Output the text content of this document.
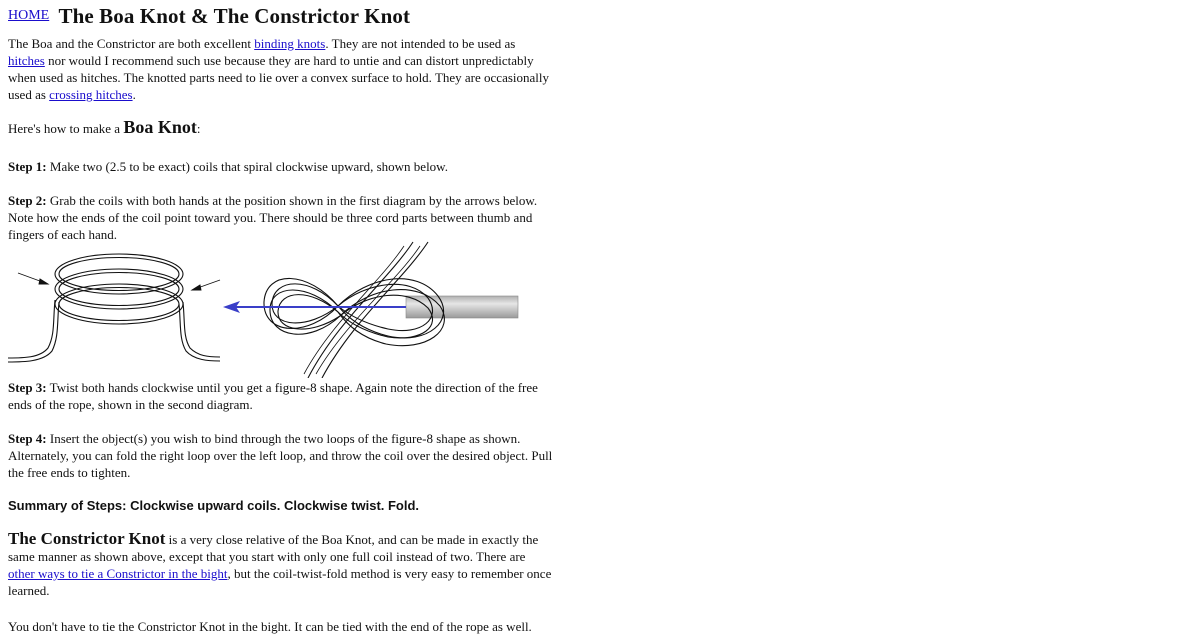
HOME The Boa Knot & The Constrictor Knot

The Boa and the Constrictor are both excellent binding knots. They are not intended to be used as hitches nor would I recommend such use because they are hard to untie and can distort unpredictably when used as hitches. The knotted parts need to lie over a convex surface to hold. They are occasionally used as crossing hitches.

Here's how to make a Boa Knot:

Step 1: Make two (2.5 to be exact) coils that spiral clockwise upward, shown below.

Step 2: Grab the coils with both hands at the position shown in the first diagram by the arrows below. Note how the ends of the coil point toward you. There should be three cord parts between thumb and fingers of each hand.

Step 3: Twist both hands clockwise until you get a figure-8 shape. Again note the direction of the free ends of the rope, shown in the second diagram.

Step 4: Insert the object(s) you wish to bind through the two loops of the figure-8 shape as shown. Alternately, you can fold the right loop over the left loop, and throw the coil over the desired object. Pull the free ends to tighten.

Summary of Steps: Clockwise upward coils. Clockwise twist. Fold.

The Constrictor Knot is a very close relative of the Boa Knot, and can be made in exactly the same manner as shown above, except that you start with only one full coil instead of two. There are other ways to tie a Constrictor in the bight, but the coil-twist-fold method is very easy to remember once learned.

You don't have to tie the Constrictor Knot in the bight. It can be tied with the end of the rope as well.
